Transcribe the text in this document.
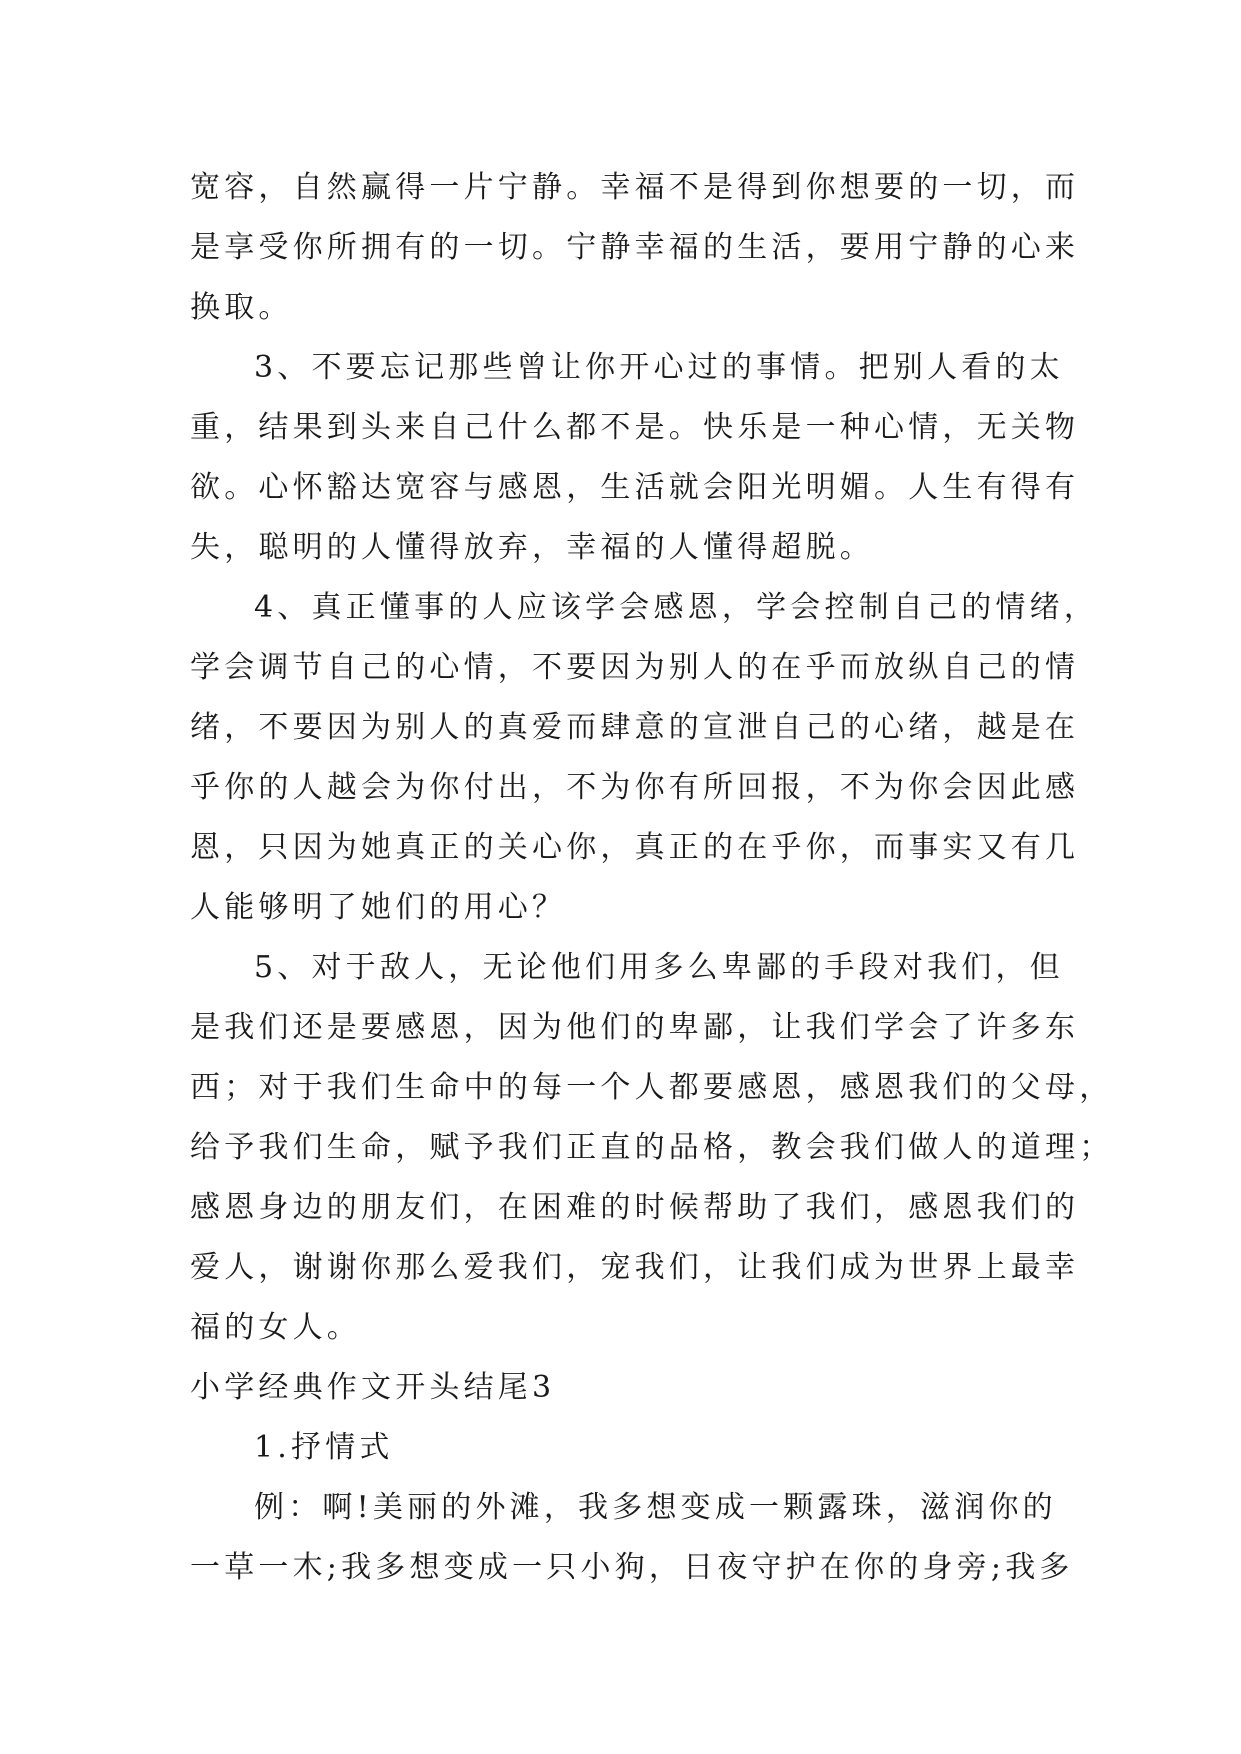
宽容，自然赢得一片宁静。幸福不是得到你想要的一切，而
是享受你所拥有的一切。宁静幸福的生活，要用宁静的心来
换取。
3、不要忘记那些曾让你开心过的事情。把别人看的太
重，结果到头来自己什么都不是。快乐是一种心情，无关物
欲。心怀豁达宽容与感恩，生活就会阳光明媚。人生有得有
失，聪明的人懂得放弃，幸福的人懂得超脱。
4、真正懂事的人应该学会感恩，学会控制自己的情绪，
学会调节自己的心情，不要因为别人的在乎而放纵自己的情
绪，不要因为别人的真爱而肆意的宣泄自己的心绪，越是在
乎你的人越会为你付出，不为你有所回报，不为你会因此感
恩，只因为她真正的关心你，真正的在乎你，而事实又有几
人能够明了她们的用心？
5、对于敌人，无论他们用多么卑鄙的手段对我们，但
是我们还是要感恩，因为他们的卑鄙，让我们学会了许多东
西；对于我们生命中的每一个人都要感恩，感恩我们的父母，
给予我们生命，赋予我们正直的品格，教会我们做人的道理；
感恩身边的朋友们，在困难的时候帮助了我们，感恩我们的
爱人，谢谢你那么爱我们，宠我们，让我们成为世界上最幸
福的女人。
小学经典作文开头结尾3
1.抒情式
例：啊!美丽的外滩，我多想变成一颗露珠，滋润你的
一草一木;我多想变成一只小狗，日夜守护在你的身旁;我多
